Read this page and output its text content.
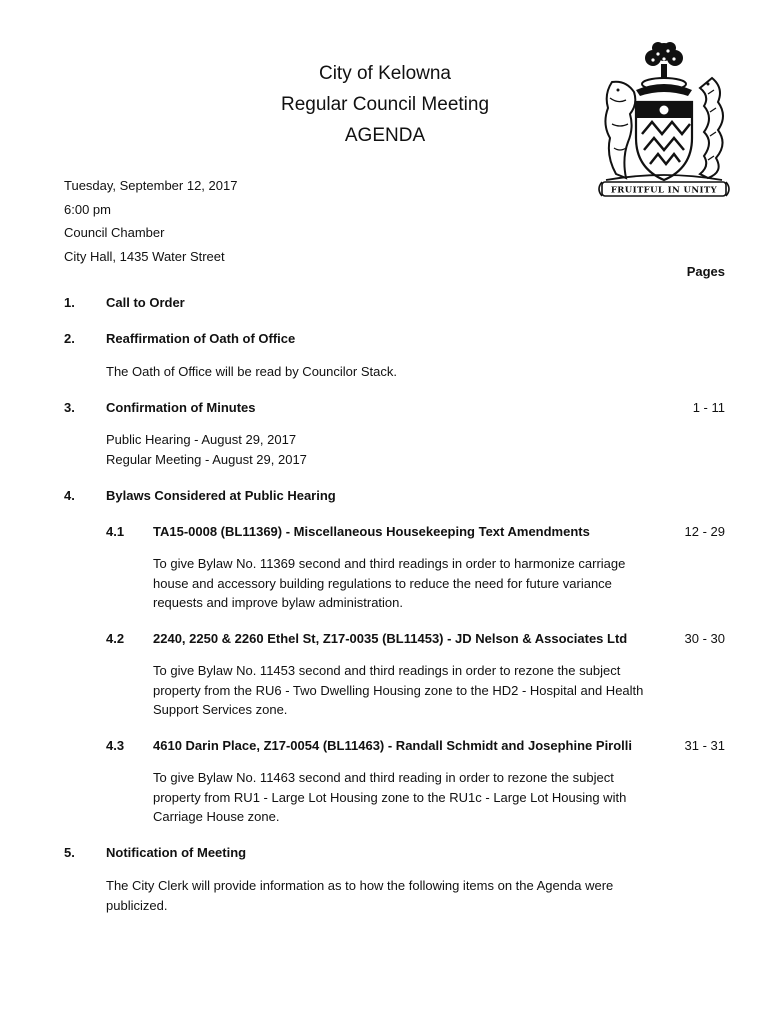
City of Kelowna
Regular Council Meeting
AGENDA
FRUITFUL IN UNITY
Tuesday, September 12, 2017
6:00 pm
Council Chamber
City Hall, 1435 Water Street
Pages
1. Call to Order
2. Reaffirmation of Oath of Office
The Oath of Office will be read by Councilor Stack.
3. Confirmation of Minutes	1 - 11
Public Hearing - August 29, 2017
Regular Meeting - August 29, 2017
4. Bylaws Considered at Public Hearing
4.1 TA15-0008 (BL11369) - Miscellaneous Housekeeping Text Amendments	12 - 29
To give Bylaw No. 11369 second and third readings in order to harmonize carriage
house and accessory building regulations to reduce the need for future variance
requests and improve bylaw administration.
4.2 2240, 2250 & 2260 Ethel St, Z17-0035 (BL11453) - JD Nelson & Associates Ltd	30 - 30
To give Bylaw No. 11453 second and third readings in order to rezone the subject
property from the RU6 - Two Dwelling Housing zone to the HD2 - Hospital and Health
Support Services zone.
4.3 4610 Darin Place, Z17-0054 (BL11463) - Randall Schmidt and Josephine Pirolli	31 - 31
To give Bylaw No. 11463 second and third reading in order to rezone the subject
property from RU1 - Large Lot Housing zone to the RU1c - Large Lot Housing with
Carriage House zone.
5. Notification of Meeting
The City Clerk will provide information as to how the following items on the Agenda were
publicized.
